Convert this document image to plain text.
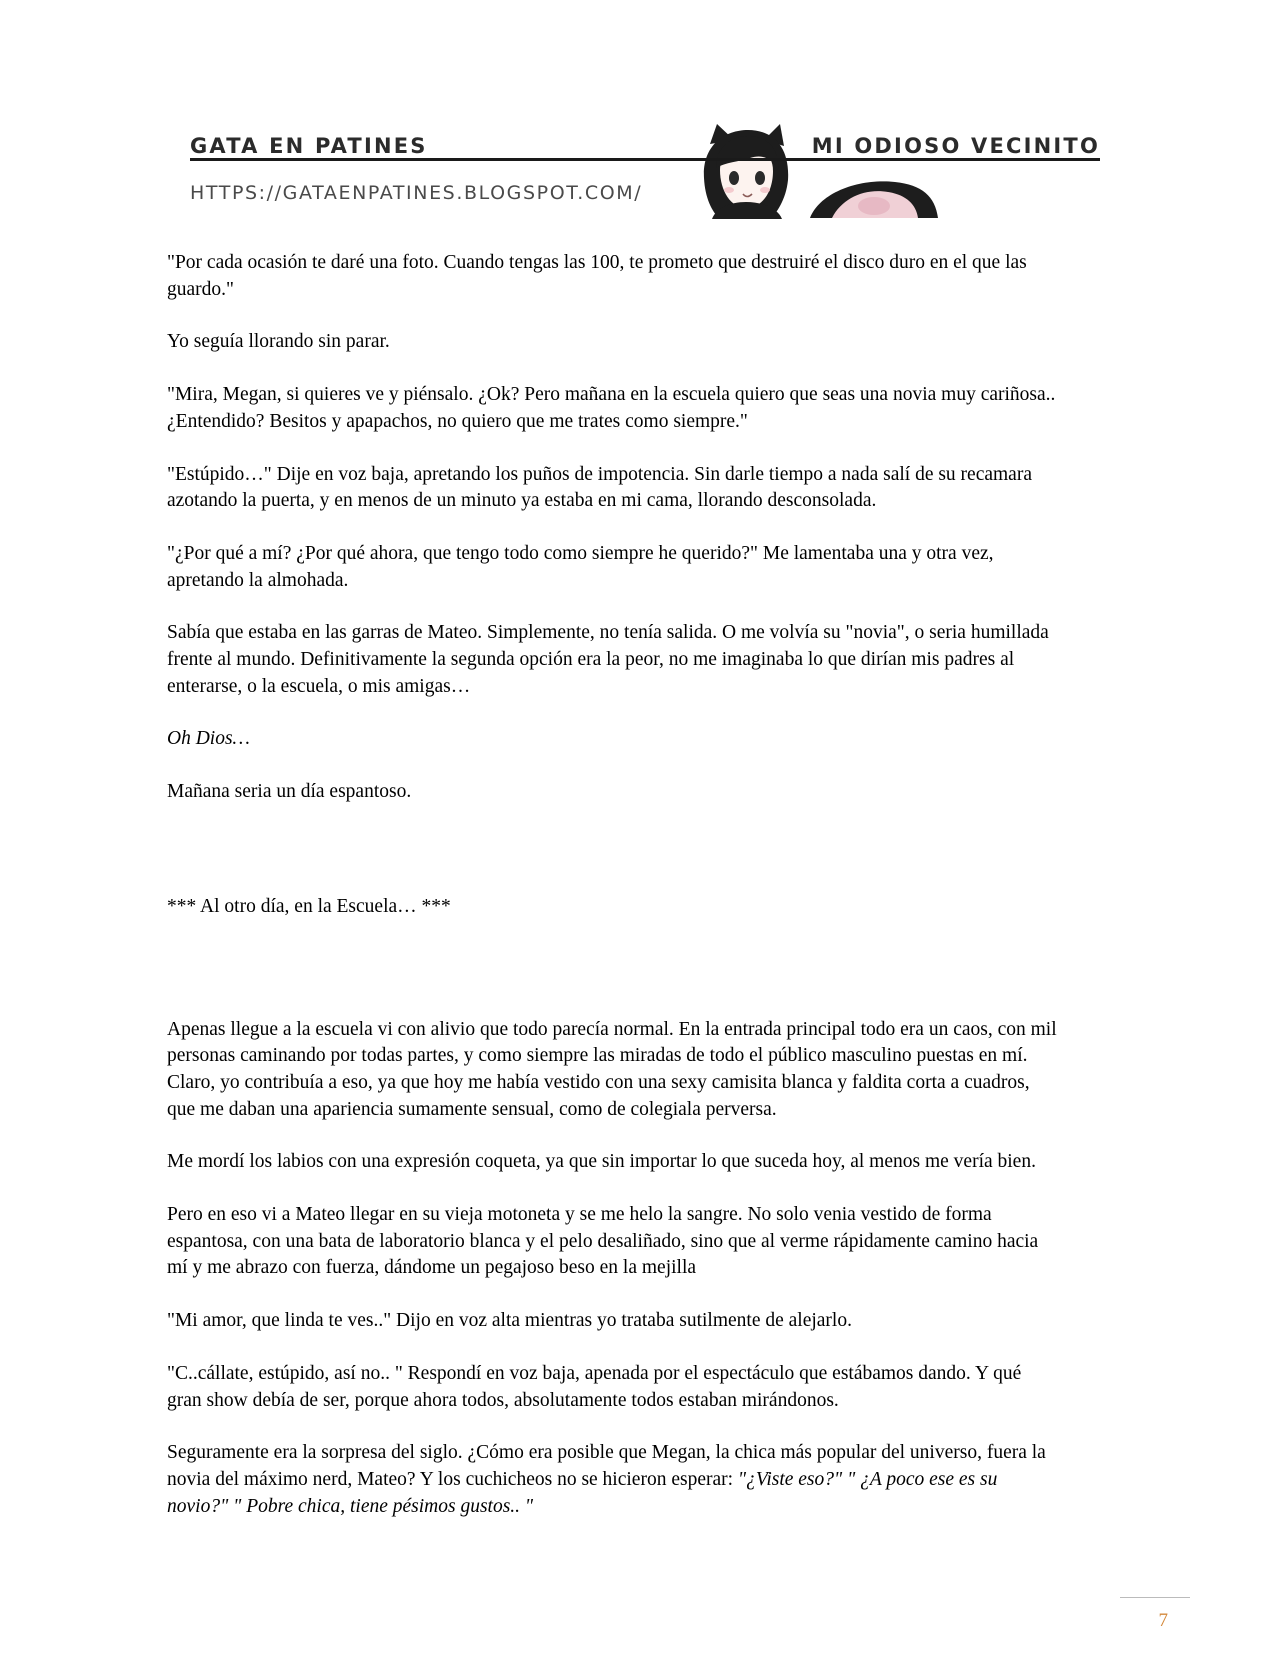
GATA EN PATINES	MI ODIOSO VECINITO
HTTPS://GATAENPATINES.BLOGSPOT.COM/

"Por cada ocasión te daré una foto. Cuando tengas las 100, te prometo que destruiré el disco duro en el que las guardo."

Yo seguía llorando sin parar.

"Mira, Megan, si quieres ve y piénsalo. ¿Ok? Pero mañana en la escuela quiero que seas una novia muy cariñosa.. ¿Entendido? Besitos y apapachos, no quiero que me trates como siempre."

"Estúpido…" Dije en voz baja, apretando los puños de impotencia. Sin darle tiempo a nada salí de su recamara azotando la puerta, y en menos de un minuto ya estaba en mi cama, llorando desconsolada.

"¿Por qué a mí? ¿Por qué ahora, que tengo todo como siempre he querido?" Me lamentaba una y otra vez, apretando la almohada.

Sabía que estaba en las garras de Mateo. Simplemente, no tenía salida. O me volvía su "novia", o seria humillada frente al mundo. Definitivamente la segunda opción era la peor, no me imaginaba lo que dirían mis padres al enterarse, o la escuela, o mis amigas…

Oh Dios…

Mañana seria un día espantoso.

*** Al otro día, en la Escuela… ***

Apenas llegue a la escuela vi con alivio que todo parecía normal. En la entrada principal todo era un caos, con mil personas caminando por todas partes, y como siempre las miradas de todo el público masculino puestas en mí. Claro, yo contribuía a eso, ya que hoy me había vestido con una sexy camisita blanca y faldita corta a cuadros, que me daban una apariencia sumamente sensual, como de colegiala perversa.

Me mordí los labios con una expresión coqueta, ya que sin importar lo que suceda hoy, al menos me vería bien.

Pero en eso vi a Mateo llegar en su vieja motoneta y se me helo la sangre. No solo venia vestido de forma espantosa, con una bata de laboratorio blanca y el pelo desaliñado, sino que al verme rápidamente camino hacia mí y me abrazo con fuerza, dándome un pegajoso beso en la mejilla

"Mi amor, que linda te ves.." Dijo en voz alta mientras yo trataba sutilmente de alejarlo.

"C..cállate, estúpido, así no.. " Respondí en voz baja, apenada por el espectáculo que estábamos dando. Y qué gran show debía de ser, porque ahora todos, absolutamente todos estaban mirándonos.

Seguramente era la sorpresa del siglo. ¿Cómo era posible que Megan, la chica más popular del universo, fuera la novia del máximo nerd, Mateo? Y los cuchicheos no se hicieron esperar: "¿Viste eso?" " ¿A poco ese es su novio?" " Pobre chica, tiene pésimos gustos.. "

7
